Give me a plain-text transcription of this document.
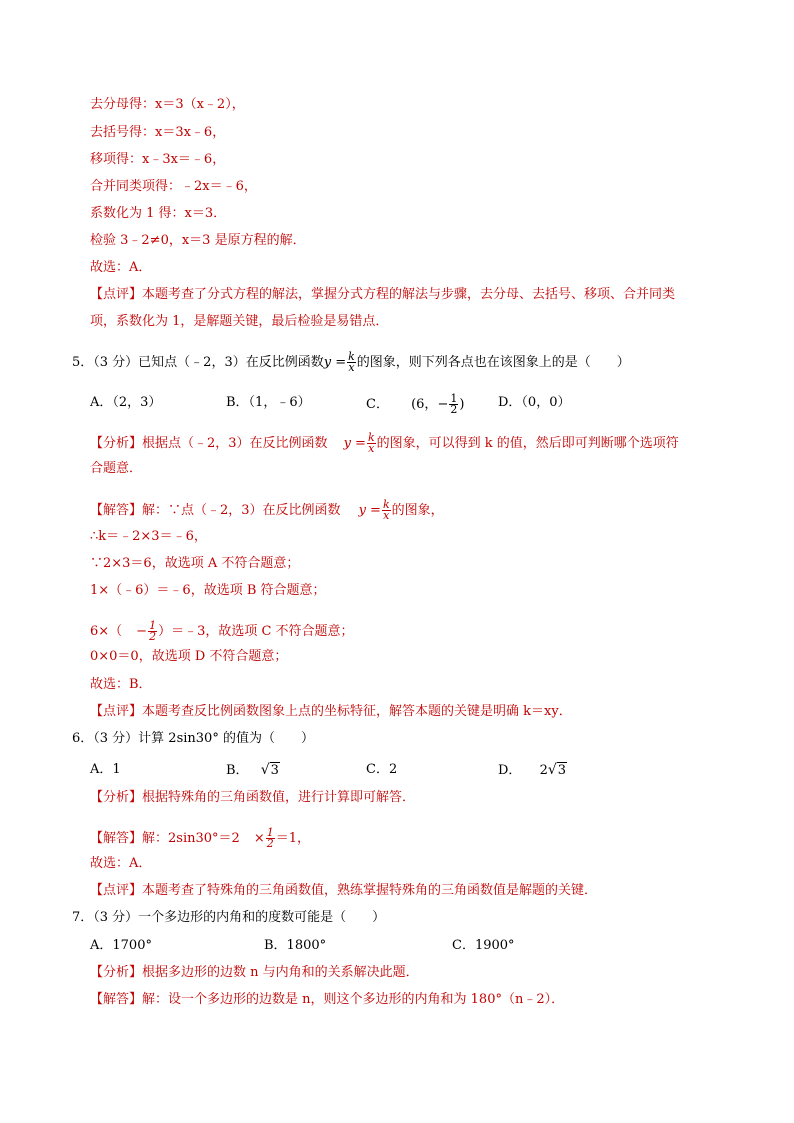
去分母得：x＝3（x﹣2），
去括号得：x＝3x﹣6，
移项得：x﹣3x＝﹣6，
合并同类项得：﹣2x＝﹣6，
系数化为 1 得：x＝3．
检验 3﹣2≠0，x＝3 是原方程的解．
故选：A．
【点评】本题考查了分式方程的解法，掌握分式方程的解法与步骤，去分母、去括号、移项、合并同类
项，系数化为 1，是解题关键，最后检验是易错点．
5．（3 分）已知点（﹣2，3）在反比例函数$y = \frac{k}{x}$ 的图象，则下列各点也在该图象上的是（　　）
A．（2，3）	B．（1，﹣6）	C． (6，− $\frac{1}{2}$ )	D．（0，0）
【分析】根据点（﹣2，3）在反比例函数 $y = \frac{k}{x}$ 的图象，可以得到 k 的值，然后即可判断哪个选项符
合题意．
【解答】解：∵点（﹣2，3）在反比例函数 $y = \frac{k}{x}$ 的图象，
∴k＝﹣2×3＝﹣6，
∵2×3＝6，故选项 A 不符合题意；
1×（﹣6）＝﹣6，故选项 B 符合题意；
$6\times( - \frac{1}{2}$ ）＝﹣3，故选项 C 不符合题意；
0×0＝0，故选项 D 不符合题意；
故选：B．
【点评】本题考查反比例函数图象上点的坐标特征，解答本题的关键是明确 k＝xy．
6．（3 分）计算 2sin30° 的值为（　　）
A．1	B． √3	C．2	D． 2√3
【分析】根据特殊角的三角函数值，进行计算即可解答．
【解答】解：$2\sin 30^\circ=2 \times \frac{1}{2} =1$，
故选：A．
【点评】本题考查了特殊角的三角函数值，熟练掌握特殊角的三角函数值是解题的关键．
7．（3 分）一个多边形的内角和的度数可能是（　　）
A．1700°	B．1800°	C．1900°
【分析】根据多边形的边数 n 与内角和的关系解决此题．
【解答】解：设一个多边形的边数是 n，则这个多边形的内角和为 180°（n﹣2）．
